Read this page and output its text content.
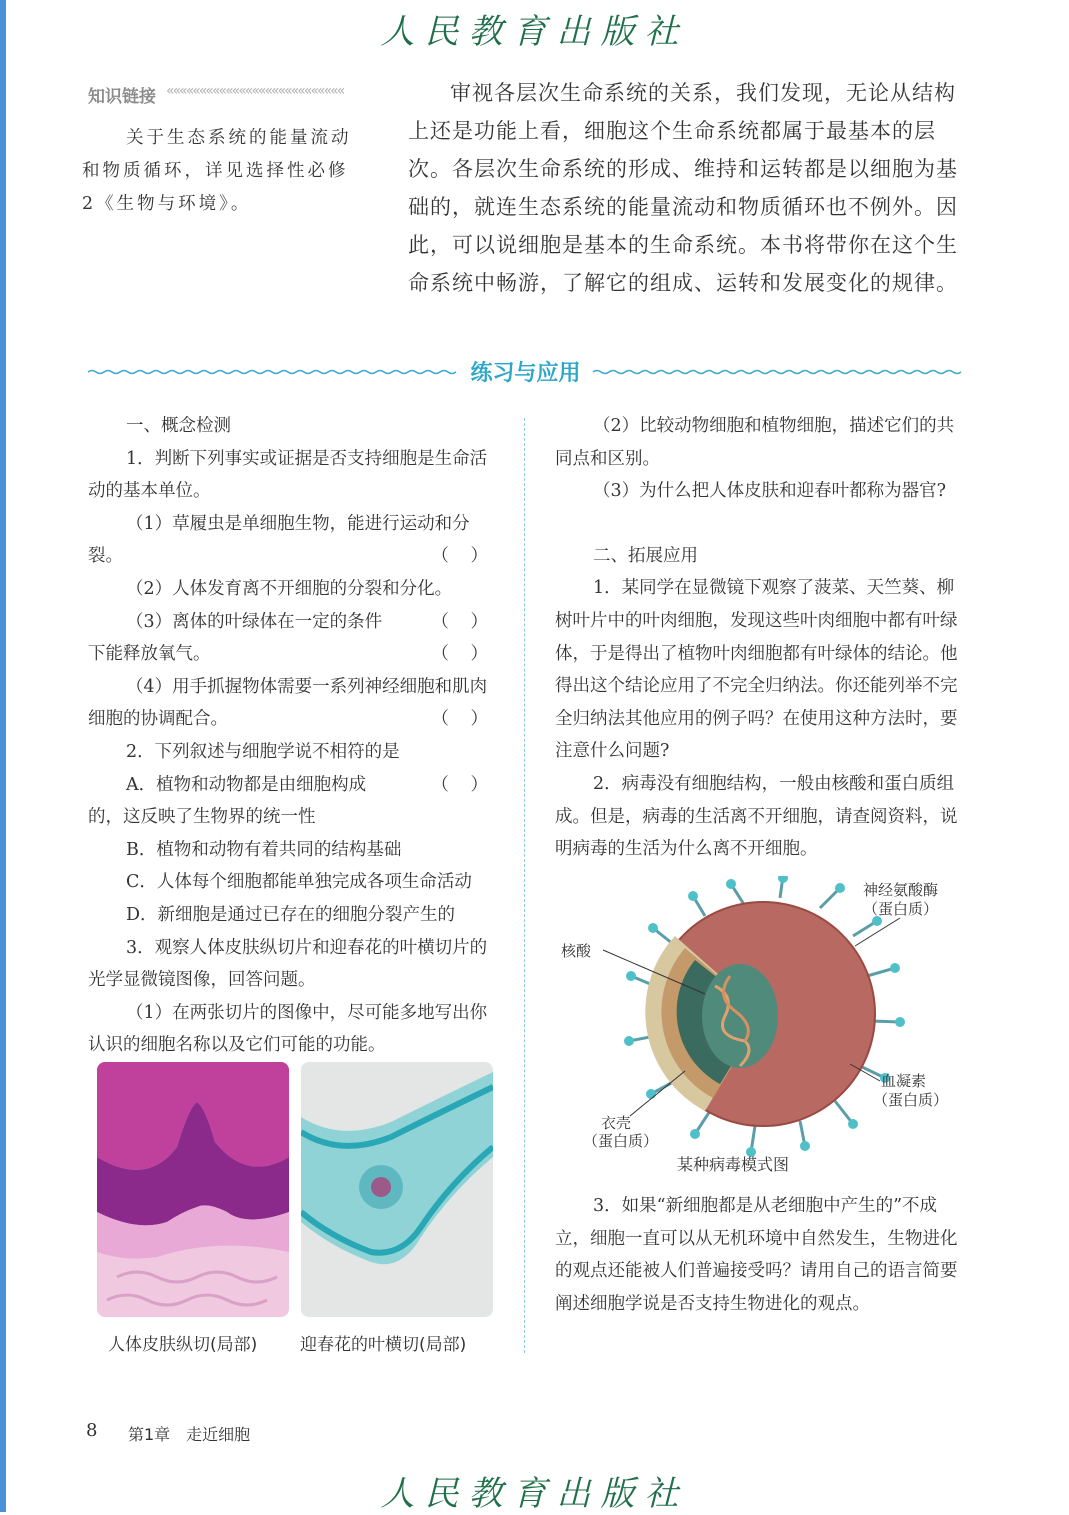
人民教育出版社
知识链接 «««««««««««««««««««««««««««
关于生态系统的能量流动和物质循环，详见选择性必修2《生物与环境》。
审视各层次生命系统的关系，我们发现，无论从结构上还是功能上看，细胞这个生命系统都属于最基本的层次。各层次生命系统的形成、维持和运转都是以细胞为基础的，就连生态系统的能量流动和物质循环也不例外。因此，可以说细胞是基本的生命系统。本书将带你在这个生命系统中畅游，了解它的组成、运转和发展变化的规律。
练习与应用

一、概念检测

1．判断下列事实或证据是否支持细胞是生命活动的基本单位。

（1）草履虫是单细胞生物，能进行运动和分裂。	（ ）

（2）人体发育离不开细胞的分裂和分化。
（ ）

（3）离体的叶绿体在一定的条件下能释放氧气。	（ ）

（4）用手抓握物体需要一系列神经细胞和肌肉细胞的协调配合。	（ ）

2．下列叙述与细胞学说不相符的是
（ ）

A．植物和动物都是由细胞构成的，这反映了生物界的统一性

B．植物和动物有着共同的结构基础

C．人体每个细胞都能单独完成各项生命活动

D．新细胞是通过已存在的细胞分裂产生的

3．观察人体皮肤纵切片和迎春花的叶横切片的光学显微镜图像，回答问题。

（1）在两张切片的图像中，尽可能多地写出你认识的细胞名称以及它们可能的功能。

人体皮肤纵切(局部)	迎春花的叶横切(局部)

（2）比较动物细胞和植物细胞，描述它们的共同点和区别。

（3）为什么把人体皮肤和迎春叶都称为器官?

二、拓展应用

1．某同学在显微镜下观察了菠菜、天竺葵、柳树叶片中的叶肉细胞，发现这些叶肉细胞中都有叶绿体，于是得出了植物叶肉细胞都有叶绿体的结论。他得出这个结论应用了不完全归纳法。你还能列举不完全归纳法其他应用的例子吗？在使用这种方法时，要注意什么问题?

2．病毒没有细胞结构，一般由核酸和蛋白质组成。但是，病毒的生活离不开细胞，请查阅资料，说明病毒的生活为什么离不开细胞。

神经氨酸酶
（蛋白质）
核酸
血凝素
（蛋白质）
衣壳
（蛋白质）
某种病毒模式图

3．如果“新细胞都是从老细胞中产生的”不成立，细胞一直可以从无机环境中自然发生，生物进化的观点还能被人们普遍接受吗？请用自己的语言简要阐述细胞学说是否支持生物进化的观点。

8 第1章　走近细胞
人民教育出版社
